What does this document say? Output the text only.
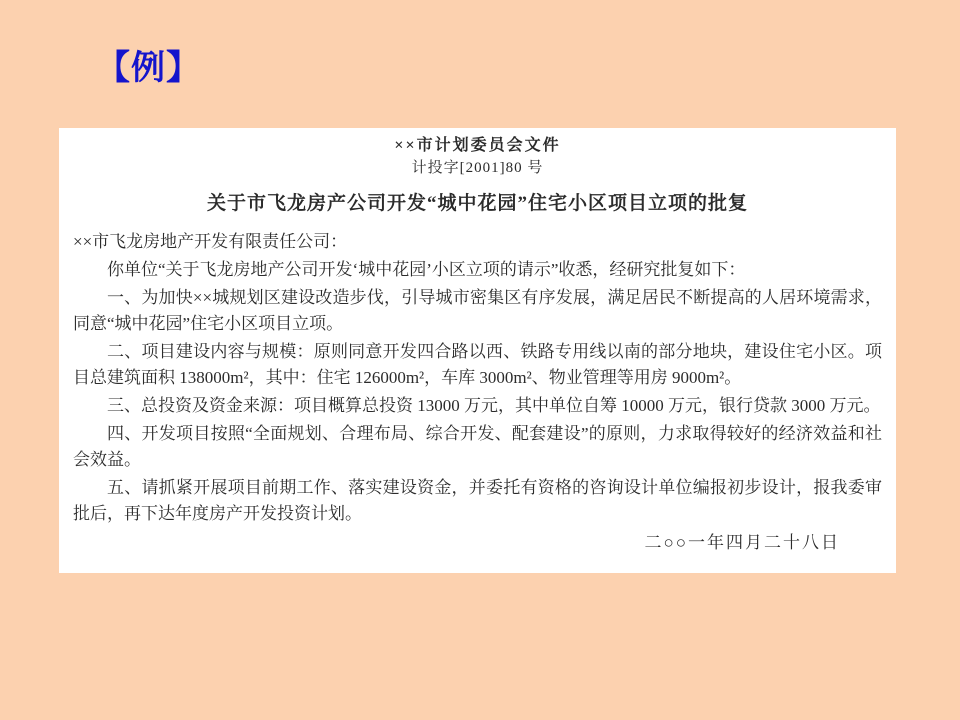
【例】
××市计划委员会文件
计投字[2001]80 号
关于市飞龙房产公司开发“城中花园”住宅小区项目立项的批复
××市飞龙房地产开发有限责任公司：

你单位“关于飞龙房地产公司开发‘城中花园’小区立项的请示”收悉，经研究批复如下：

一、为加快××城规划区建设改造步伐，引导城市密集区有序发展，满足居民不断提高的人居环境需求，同意“城中花园”住宅小区项目立项。

二、项目建设内容与规模：原则同意开发四合路以西、铁路专用线以南的部分地块，建设住宅小区。项目总建筑面积 138000m²，其中：住宅 126000m²，车库 3000m²、物业管理等用房 9000m²。

三、总投资及资金来源：项目概算总投资 13000 万元，其中单位自筹 10000 万元，银行贷款 3000 万元。

四、开发项目按照“全面规划、合理布局、综合开发、配套建设”的原则，力求取得较好的经济效益和社会效益。

五、请抓紧开展项目前期工作、落实建设资金，并委托有资格的咨询设计单位编报初步设计，报我委审批后，再下达年度房产开发投资计划。

二○○一年四月二十八日
